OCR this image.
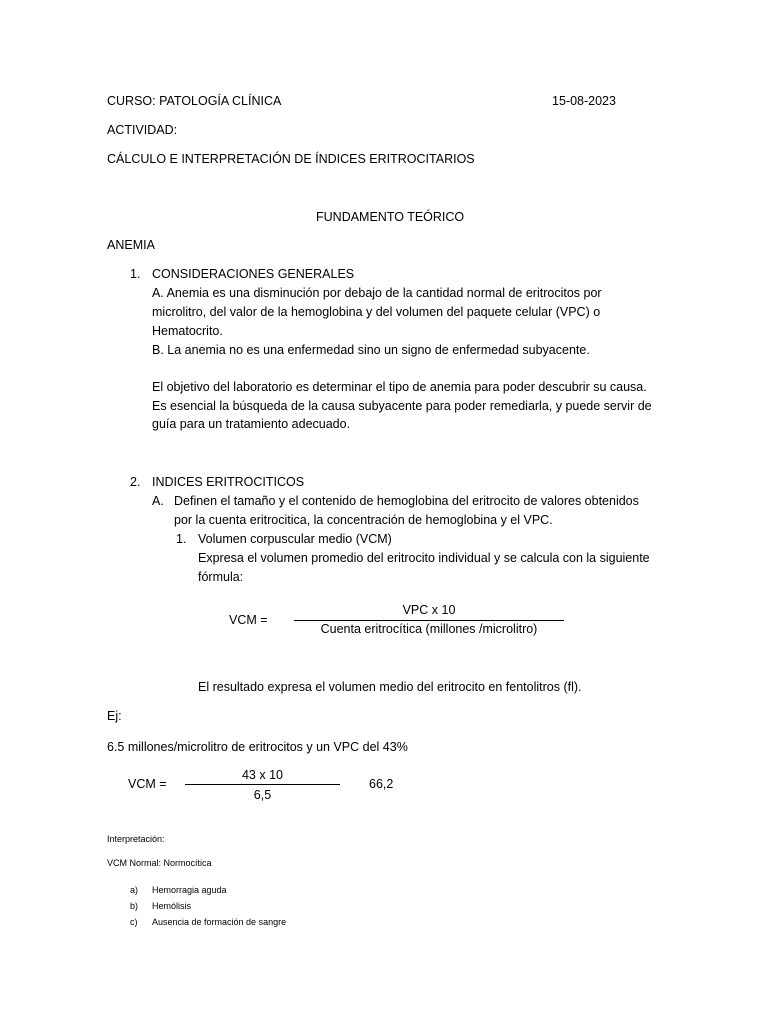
CURSO: PATOLOGÍA CLÍNICA	15-08-2023
ACTIVIDAD:
CÁLCULO E INTERPRETACIÓN DE ÍNDICES ERITROCITARIOS
FUNDAMENTO TEÓRICO
ANEMIA
1. CONSIDERACIONES GENERALES
A. Anemia es una disminución por debajo de la cantidad normal de eritrocitos por
microlitro, del valor de la hemoglobina y del volumen del paquete celular (VPC) o
Hematocrito.
B. La anemia no es una enfermedad sino un signo de enfermedad subyacente.
El objetivo del laboratorio es determinar el tipo de anemia para poder descubrir su causa.
Es esencial la búsqueda de la causa subyacente para poder remediarla, y puede servir de
guía para un tratamiento adecuado.
2. INDICES ERITROCITICOS
A. Definen el tamaño y el contenido de hemoglobina del eritrocito de valores obtenidos
por la cuenta eritrocitica, la concentración de hemoglobina y el VPC.
1. Volumen corpuscular medio (VCM)
Expresa el volumen promedio del eritrocito individual y se calcula con la siguiente
fórmula:
VCM =
VPC x 10
Cuenta eritrocítica (millones /microlitro)
El resultado expresa el volumen medio del eritrocito en fentolitros (fl).
Ej:
6.5 millones/microlitro de eritrocitos y un VPC del 43%
VCM =
43 x 10
6,5
66,2
Interpretación:
VCM Normal: Normocítica
a) Hemorragia aguda
b) Hemólisis
c) Ausencia de formación de sangre
